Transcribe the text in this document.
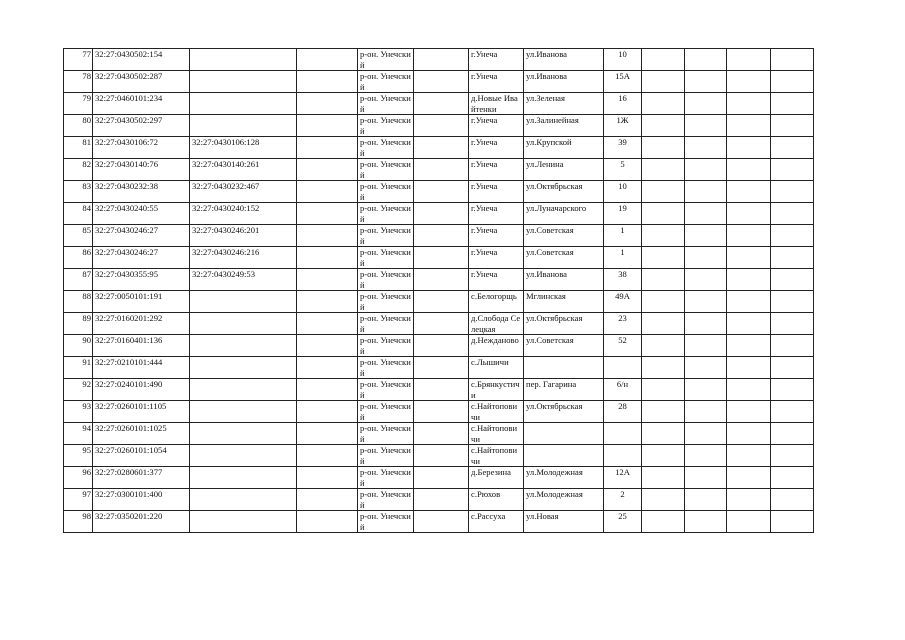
77	32:27:0430502:154			р-он. Унечский		г.Унеча	ул.Иванова	10				
78	32:27:0430502:287			р-он. Унечский		г.Унеча	ул.Иванова	15А				
79	32:27:0460101:234			р-он. Унечский		д.Новые Ивайтенки	ул.Зеленая	16				
80	32:27:0430502:297			р-он. Унечский		г.Унеча	ул.Залинейная	1Ж				
81	32:27:0430106:72	32:27:0430106:128		р-он. Унечский		г.Унеча	ул.Крупской	39				
82	32:27:0430140:76	32:27:0430140:261		р-он. Унечский		г.Унеча	ул.Ленина	5				
83	32:27:0430232:38	32:27:0430232:467		р-он. Унечский		г.Унеча	ул.Октябрьская	10				
84	32:27:0430240:55	32:27:0430240:152		р-он. Унечский		г.Унеча	ул.Луначарского	19				
85	32:27:0430246:27	32:27:0430246:201		р-он. Унечский		г.Унеча	ул.Советская	1				
86	32:27:0430246:27	32:27:0430246:216		р-он. Унечский		г.Унеча	ул.Советская	1				
87	32:27:0430355:95	32:27:0430249:53		р-он. Унечский		г.Унеча	ул.Иванова	38				
88	32:27:0050101:191			р-он. Унечский		с.Белогорщь	Мглинская	49А				
89	32:27:0160201:292			р-он. Унечский		д.Слобода Селецкая	ул.Октябрьская	23				
90	32:27:0160401:136			р-он. Унечский		д.Нежданово	ул.Советская	52				
91	32:27:0210101:444			р-он. Унечский		с.Лышичи						
92	32:27:0240101:490			р-он. Унечский		с.Брянкустичи	пер. Гагарина	6/н				
93	32:27:0260101:1105			р-он. Унечский		с.Найтоповичи	ул.Октябрьская	28				
94	32:27:0260101:1025			р-он. Унечский		с.Найтоповичи						
95	32:27:0260101:1054			р-он. Унечский		с.Найтоповичи						
96	32:27:0280601:377			р-он. Унечский		д.Березина	ул.Молодежная	12А				
97	32:27:0300101:400			р-он. Унечский		с.Рюхов	ул.Молодежная	2				
98	32:27:0350201:220			р-он. Унечский		с.Рассуха	ул.Новая	25				
